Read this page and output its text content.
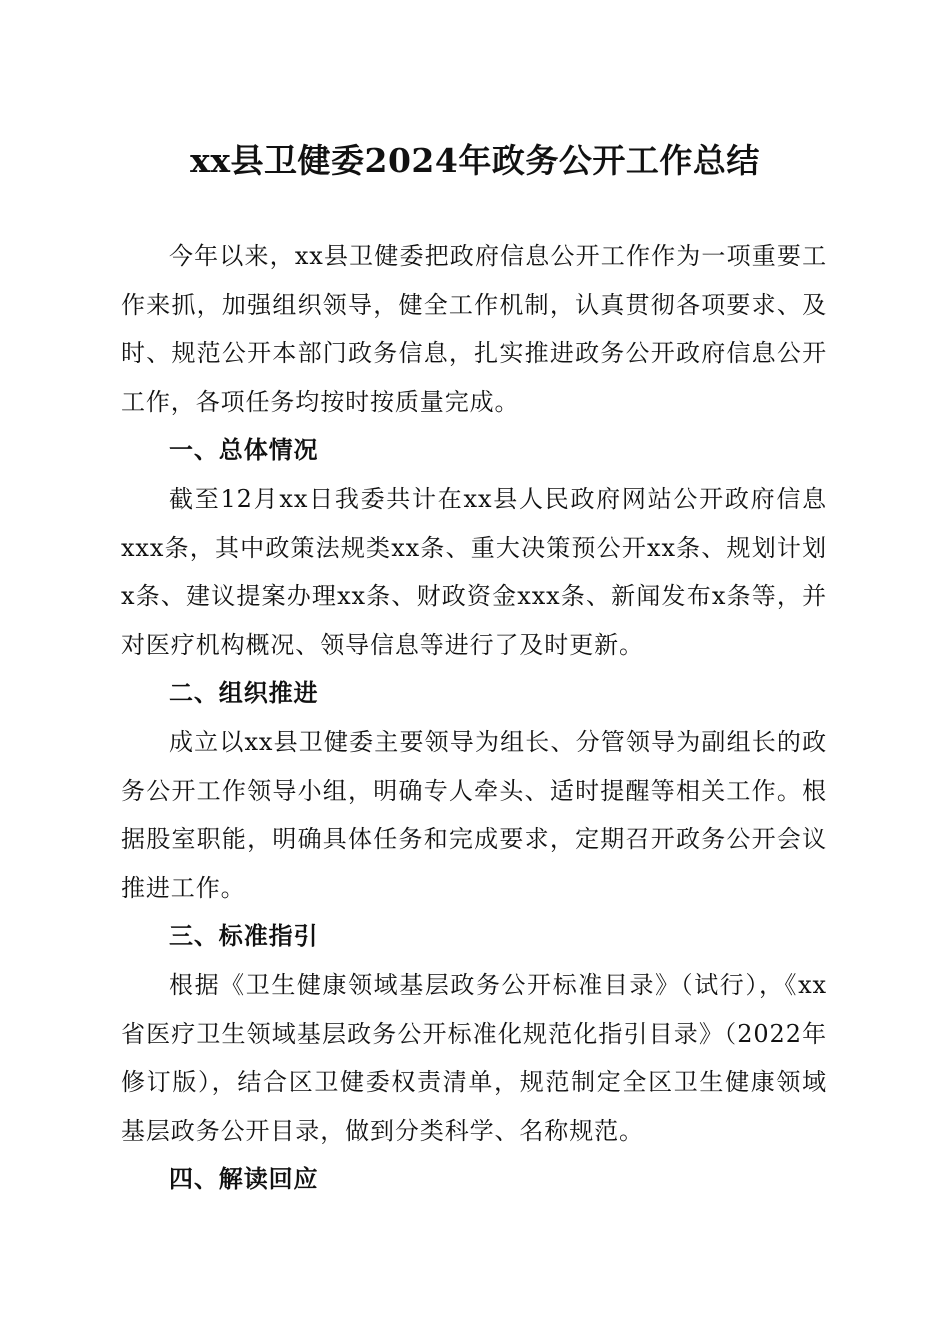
xx县卫健委2024年政务公开工作总结

今年以来，xx县卫健委把政府信息公开工作作为一项重要工作来抓，加强组织领导，健全工作机制，认真贯彻各项要求、及时、规范公开本部门政务信息，扎实推进政务公开政府信息公开工作，各项任务均按时按质量完成。

一、总体情况

截至12月xx日我委共计在xx县人民政府网站公开政府信息xxx条，其中政策法规类xx条、重大决策预公开xx条、规划计划x条、建议提案办理xx条、财政资金xxx条、新闻发布x条等，并对医疗机构概况、领导信息等进行了及时更新。

二、组织推进

成立以xx县卫健委主要领导为组长、分管领导为副组长的政务公开工作领导小组，明确专人牵头、适时提醒等相关工作。根据股室职能，明确具体任务和完成要求，定期召开政务公开会议推进工作。

三、标准指引

根据《卫生健康领域基层政务公开标准目录》（试行），《xx省医疗卫生领域基层政务公开标准化规范化指引目录》（2022年修订版），结合区卫健委权责清单，规范制定全区卫生健康领域基层政务公开目录，做到分类科学、名称规范。

四、解读回应
